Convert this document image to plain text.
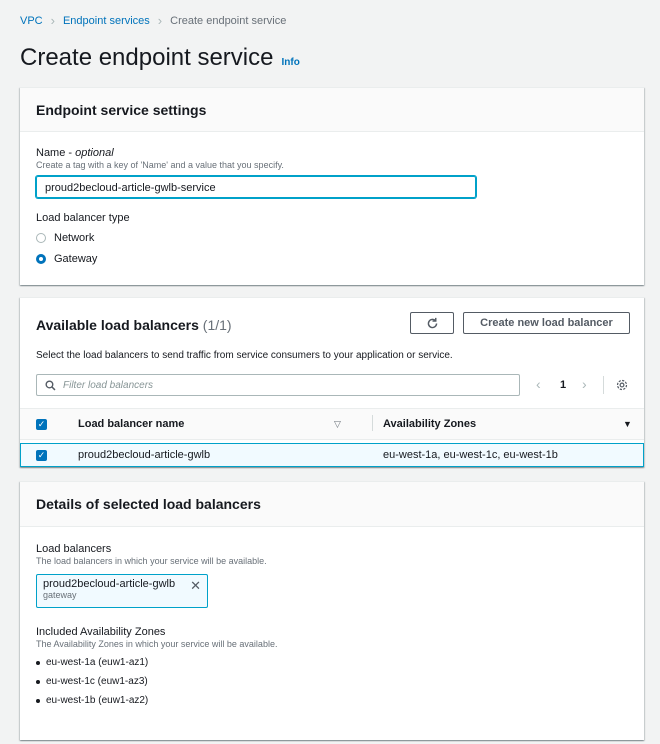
VPC › Endpoint services › Create endpoint service
Create endpoint service Info
Endpoint service settings
Name - optional
Create a tag with a key of 'Name' and a value that you specify.
proud2becloud-article-gwlb-service
Load balancer type
Network
Gateway
Available load balancers (1/1)	Create new load balancer
Select the load balancers to send traffic from service consumers to your application or service.
Filter load balancers	‹ 1 ›
✓	Load balancer name	▽	Availability Zones	▼
✓	proud2becloud-article-gwlb	eu-west-1a, eu-west-1c, eu-west-1b
Details of selected load balancers
Load balancers
The load balancers in which your service will be available.
proud2becloud-article-gwlb
gateway
✕
Included Availability Zones
The Availability Zones in which your service will be available.
eu-west-1a (euw1-az1)
eu-west-1c (euw1-az3)
eu-west-1b (euw1-az2)
